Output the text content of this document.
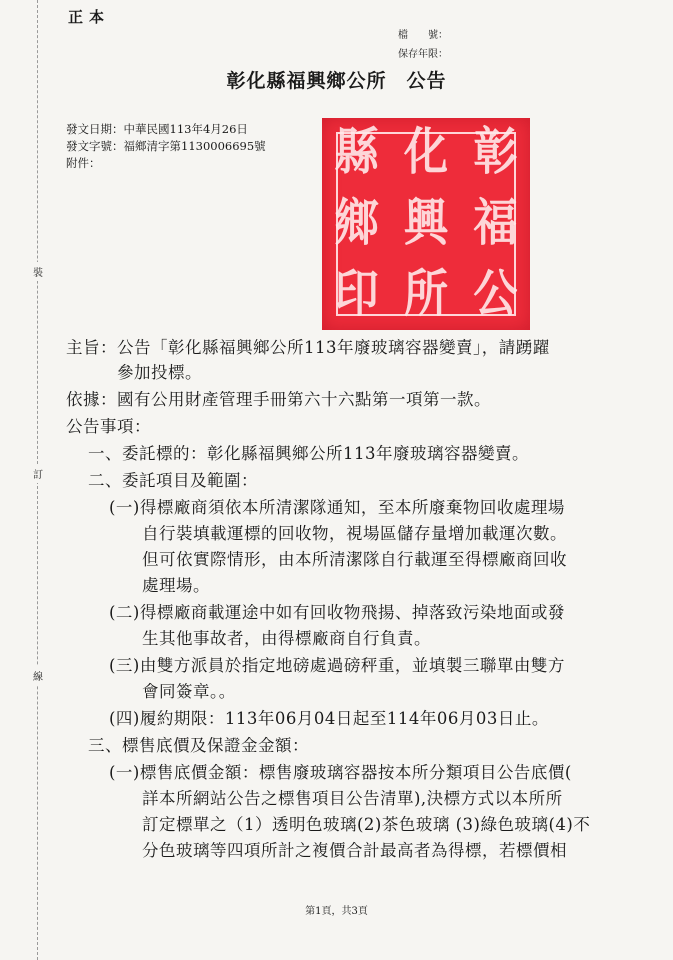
裝
訂
線
正本
檔　　號：
保存年限：
彰化縣福興鄉公所　公告
發文日期：中華民國113年4月26日
發文字號：福鄉清字第1130006695號
附件：	縣 化 彰
鄉 興 福
印 所 公
主旨：公告「彰化縣福興鄉公所113年廢玻璃容器變賣」，請踴躍
參加投標。
依據：國有公用財產管理手冊第六十六點第一項第一款。
公告事項：
一、委託標的：彰化縣福興鄉公所113年廢玻璃容器變賣。
二、委託項目及範圍：
(一)得標廠商須依本所清潔隊通知，至本所廢棄物回收處理場
自行裝填載運標的回收物，視場區儲存量增加載運次數。
但可依實際情形，由本所清潔隊自行載運至得標廠商回收
處理場。
(二)得標廠商載運途中如有回收物飛揚、掉落致污染地面或發
生其他事故者，由得標廠商自行負責。
(三)由雙方派員於指定地磅處過磅秤重，並填製三聯單由雙方
會同簽章。。
(四)履約期限：113年06月04日起至114年06月03日止。
三、標售底價及保證金金額：
(一)標售底價金額：標售廢玻璃容器按本所分類項目公告底價(
詳本所網站公告之標售項目公告清單),決標方式以本所所
訂定標單之（1）透明色玻璃(2)茶色玻璃 (3)綠色玻璃(4)不
分色玻璃等四項所計之複價合計最高者為得標，若標價相
第1頁，共3頁
